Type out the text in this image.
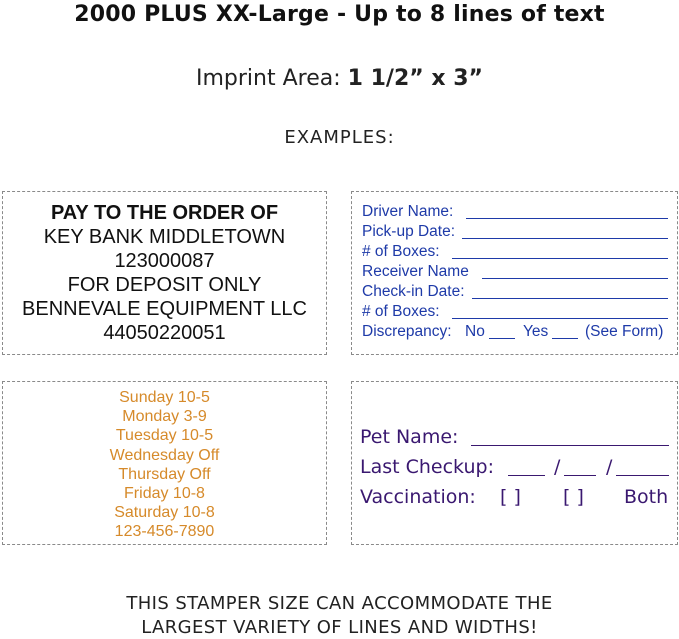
2000 PLUS XX-Large - Up to 8 lines of text
Imprint Area: 1 1/2” x 3”
EXAMPLES:
PAY TO THE ORDER OF
KEY BANK MIDDLETOWN
123000087
FOR DEPOSIT ONLY
BENNEVALE EQUIPMENT LLC
44050220051
Driver Name:
Pick-up Date:
# of Boxes:
Receiver Name
Check-in Date:
# of Boxes:
Discrepancy: No Yes (See Form)
Sunday 10-5
Monday 3-9
Tuesday 10-5
Wednesday Off
Thursday Off
Friday 10-8
Saturday 10-8
123-456-7890
Pet Name:
Last Checkup:	/ /
Vaccination: [ ] [ ] Both
THIS STAMPER SIZE CAN ACCOMMODATE THE
LARGEST VARIETY OF LINES AND WIDTHS!
